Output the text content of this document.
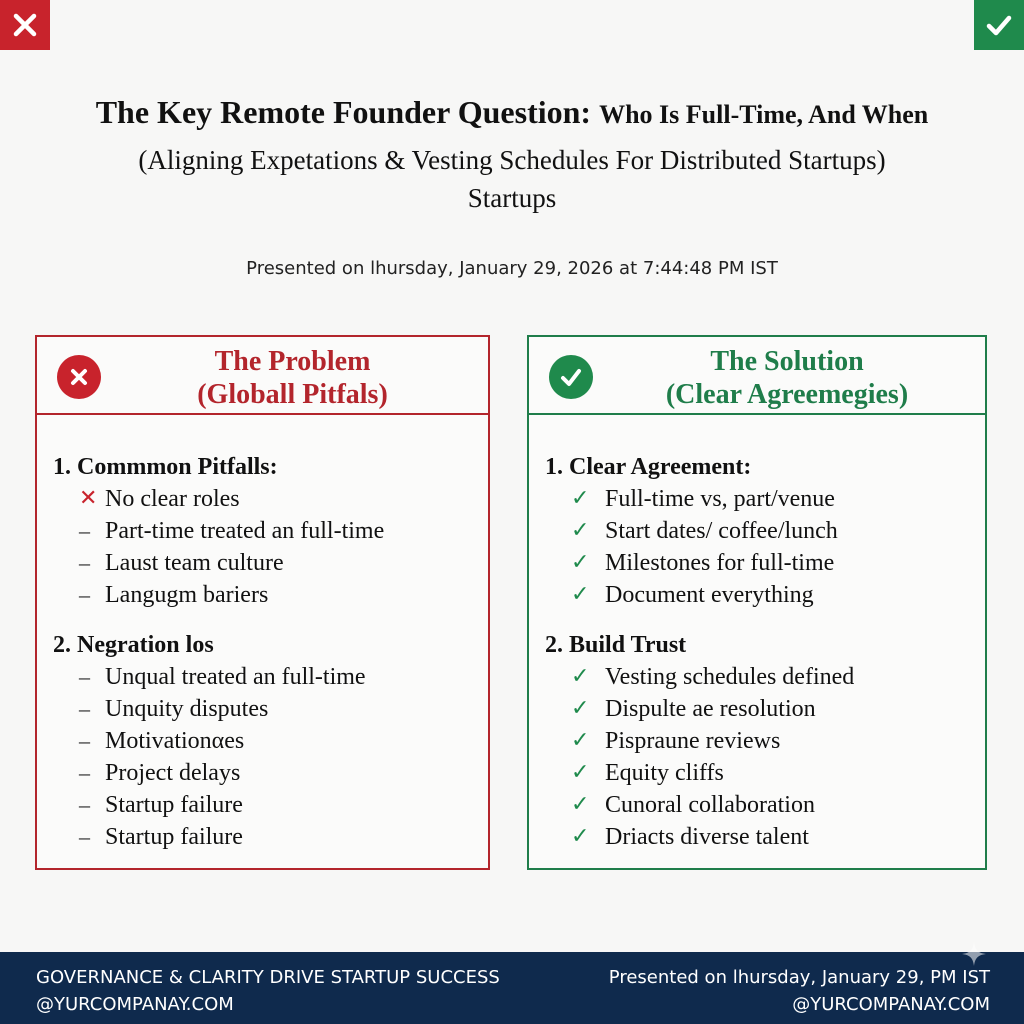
The Key Remote Founder Question: Who Is Full-Time, And When
(Aligning Expetations & Vesting Schedules For Distributed Startups)
Startups
Presented on lhursday, January 29, 2026 at 7:44:48 PM IST
The Problem
(Globall Pitfals)
1. Commmon Pitfalls:
✕ No clear roles
– Part-time treated an full-time
– Laust team culture
– Langugm bariers
2. Negration los
– Unqual treated an full-time
– Unquity disputes
– Motivationαes
– Project delays
– Startup failure
– Startup failure
The Solution
(Clear Agreemegies)
1. Clear Agreement:
✓ Full-time vs, part/venue
✓ Start dates/ coffee/lunch
✓ Milestones for full-time
✓ Document everything
2. Build Trust
✓ Vesting schedules defined
✓ Dispulte ae resolution
✓ Pispraune reviews
✓ Equity cliffs
✓ Cunoral collaboration
✓ Driacts diverse talent
GOVERNANCE & CLARITY DRIVE STARTUP SUCCESS
@YURCOMPANAY.COM
Presented on lhursday, January 29, PM IST
@YURCOMPANAY.COM
